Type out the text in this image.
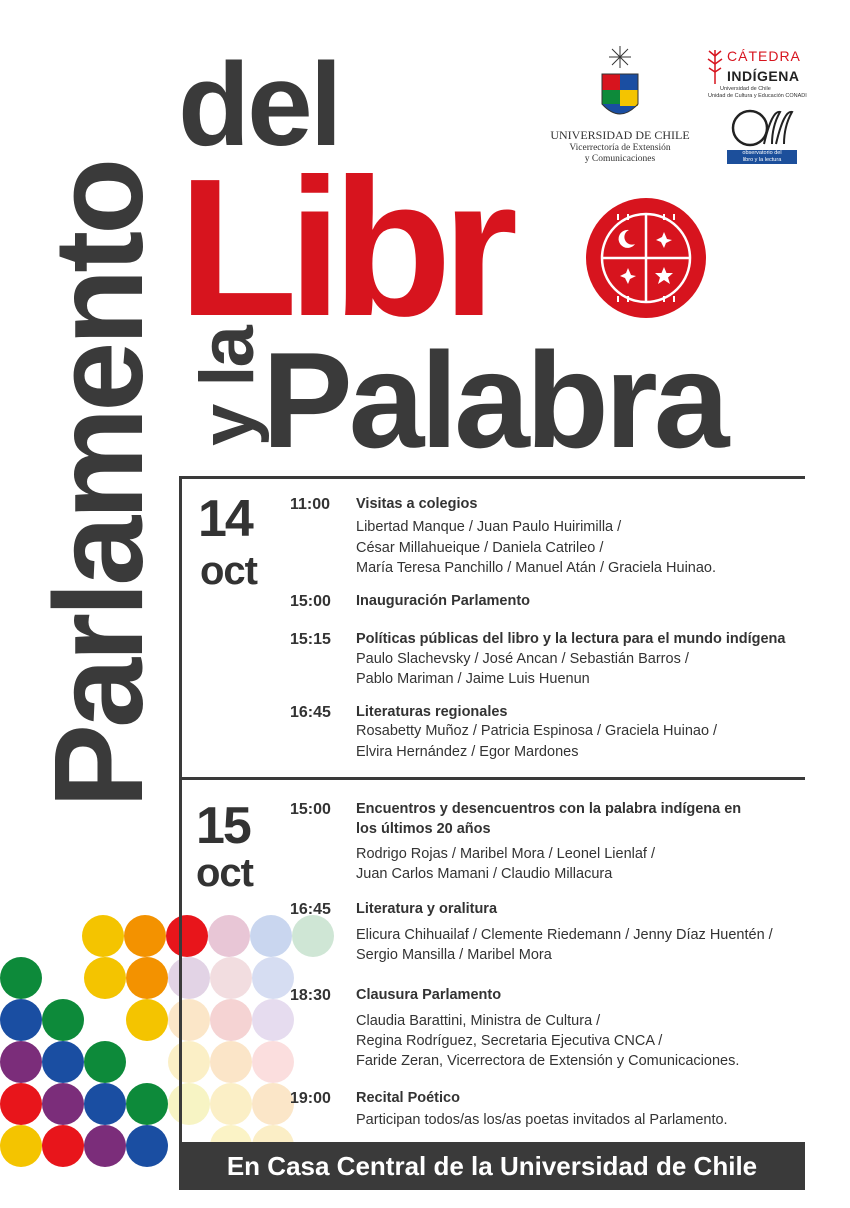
Parlamento
del
Libr
y la
Palabra
UNIVERSIDAD DE CHILE
Vicerrectoría de Extensión
y Comunicaciones
CÁTEDRA
INDÍGENA
Universidad de Chile
Unidad de Cultura y Educación CONADI
observatorio del
libro y la lectura
14
oct
11:00 Visitas a colegios
Libertad Manque / Juan Paulo Huirimilla /
César Millahueique / Daniela Catrileo /
María Teresa Panchillo / Manuel Atán / Graciela Huinao.
15:00 Inauguración Parlamento
15:15 Políticas públicas del libro y la lectura para el mundo indígena
Paulo Slachevsky / José Ancan / Sebastián Barros /
Pablo Mariman / Jaime Luis Huenun
16:45 Literaturas regionales
Rosabetty Muñoz / Patricia Espinosa / Graciela Huinao /
Elvira Hernández / Egor Mardones
15
oct
15:00 Encuentros y desencuentros con la palabra indígena en
los últimos 20 años
Rodrigo Rojas / Maribel Mora / Leonel Lienlaf /
Juan Carlos Mamani / Claudio Millacura
16:45 Literatura y oralitura
Elicura Chihuailaf / Clemente Riedemann / Jenny Díaz Huentén /
Sergio Mansilla / Maribel Mora
18:30 Clausura Parlamento
Claudia Barattini, Ministra de Cultura /
Regina Rodríguez, Secretaria Ejecutiva CNCA /
Faride Zeran, Vicerrectora de Extensión y Comunicaciones.
19:00 Recital Poético
Participan todos/as los/as poetas invitados al Parlamento.
En Casa Central de la Universidad de Chile
